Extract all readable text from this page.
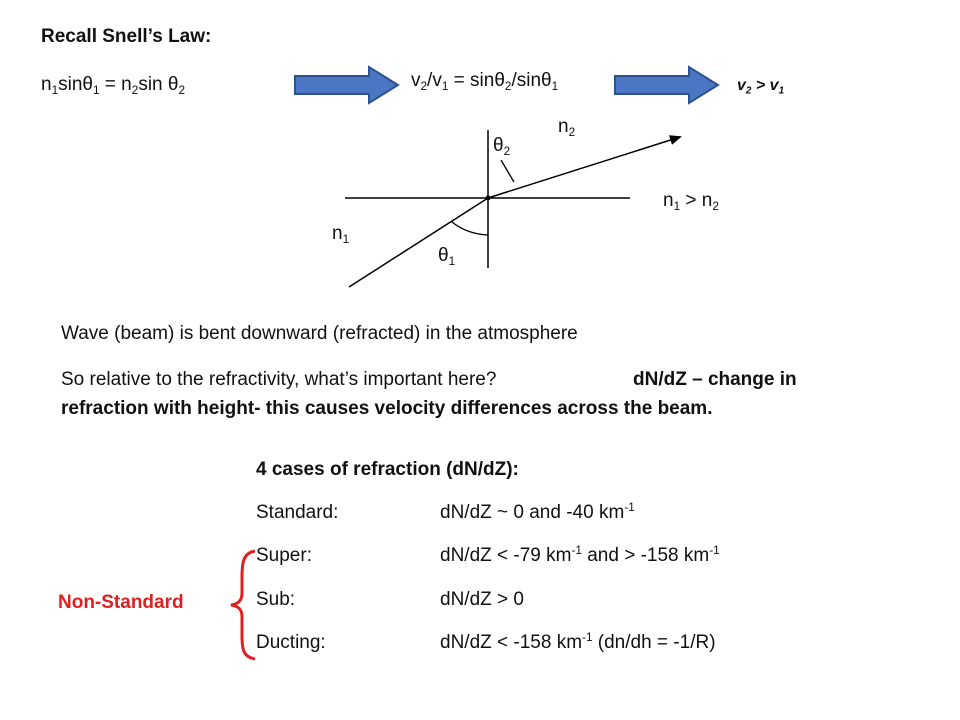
Recall Snell’s Law:
$n_1\sin\theta_1 = n_2\sin$ $\theta_2$	$v_2/v_1 = \sin\theta_2/\sin\theta_1$	$v_2 > v_1$
$n_2$
$\theta_2$
$n_1 > n_2$
$n_1$
$\theta_1$
Wave (beam) is bent downward (refracted) in the atmosphere
So relative to the refractivity, what’s important here?	dN/dZ – change in
refraction with height- this causes velocity differences across the beam.
4 cases of refraction (dN/dZ):
Standard:	dN/dZ ~ 0 and -40 $km^{-1}$
Super:	dN/dZ < -79 $km^{-1}$ and > -158 $km^{-1}$
Sub:	dN/dZ > 0
Ducting:	dN/dZ < -158 $km^{-1}$ (dn/dh = -1/R)
Non-Standard
